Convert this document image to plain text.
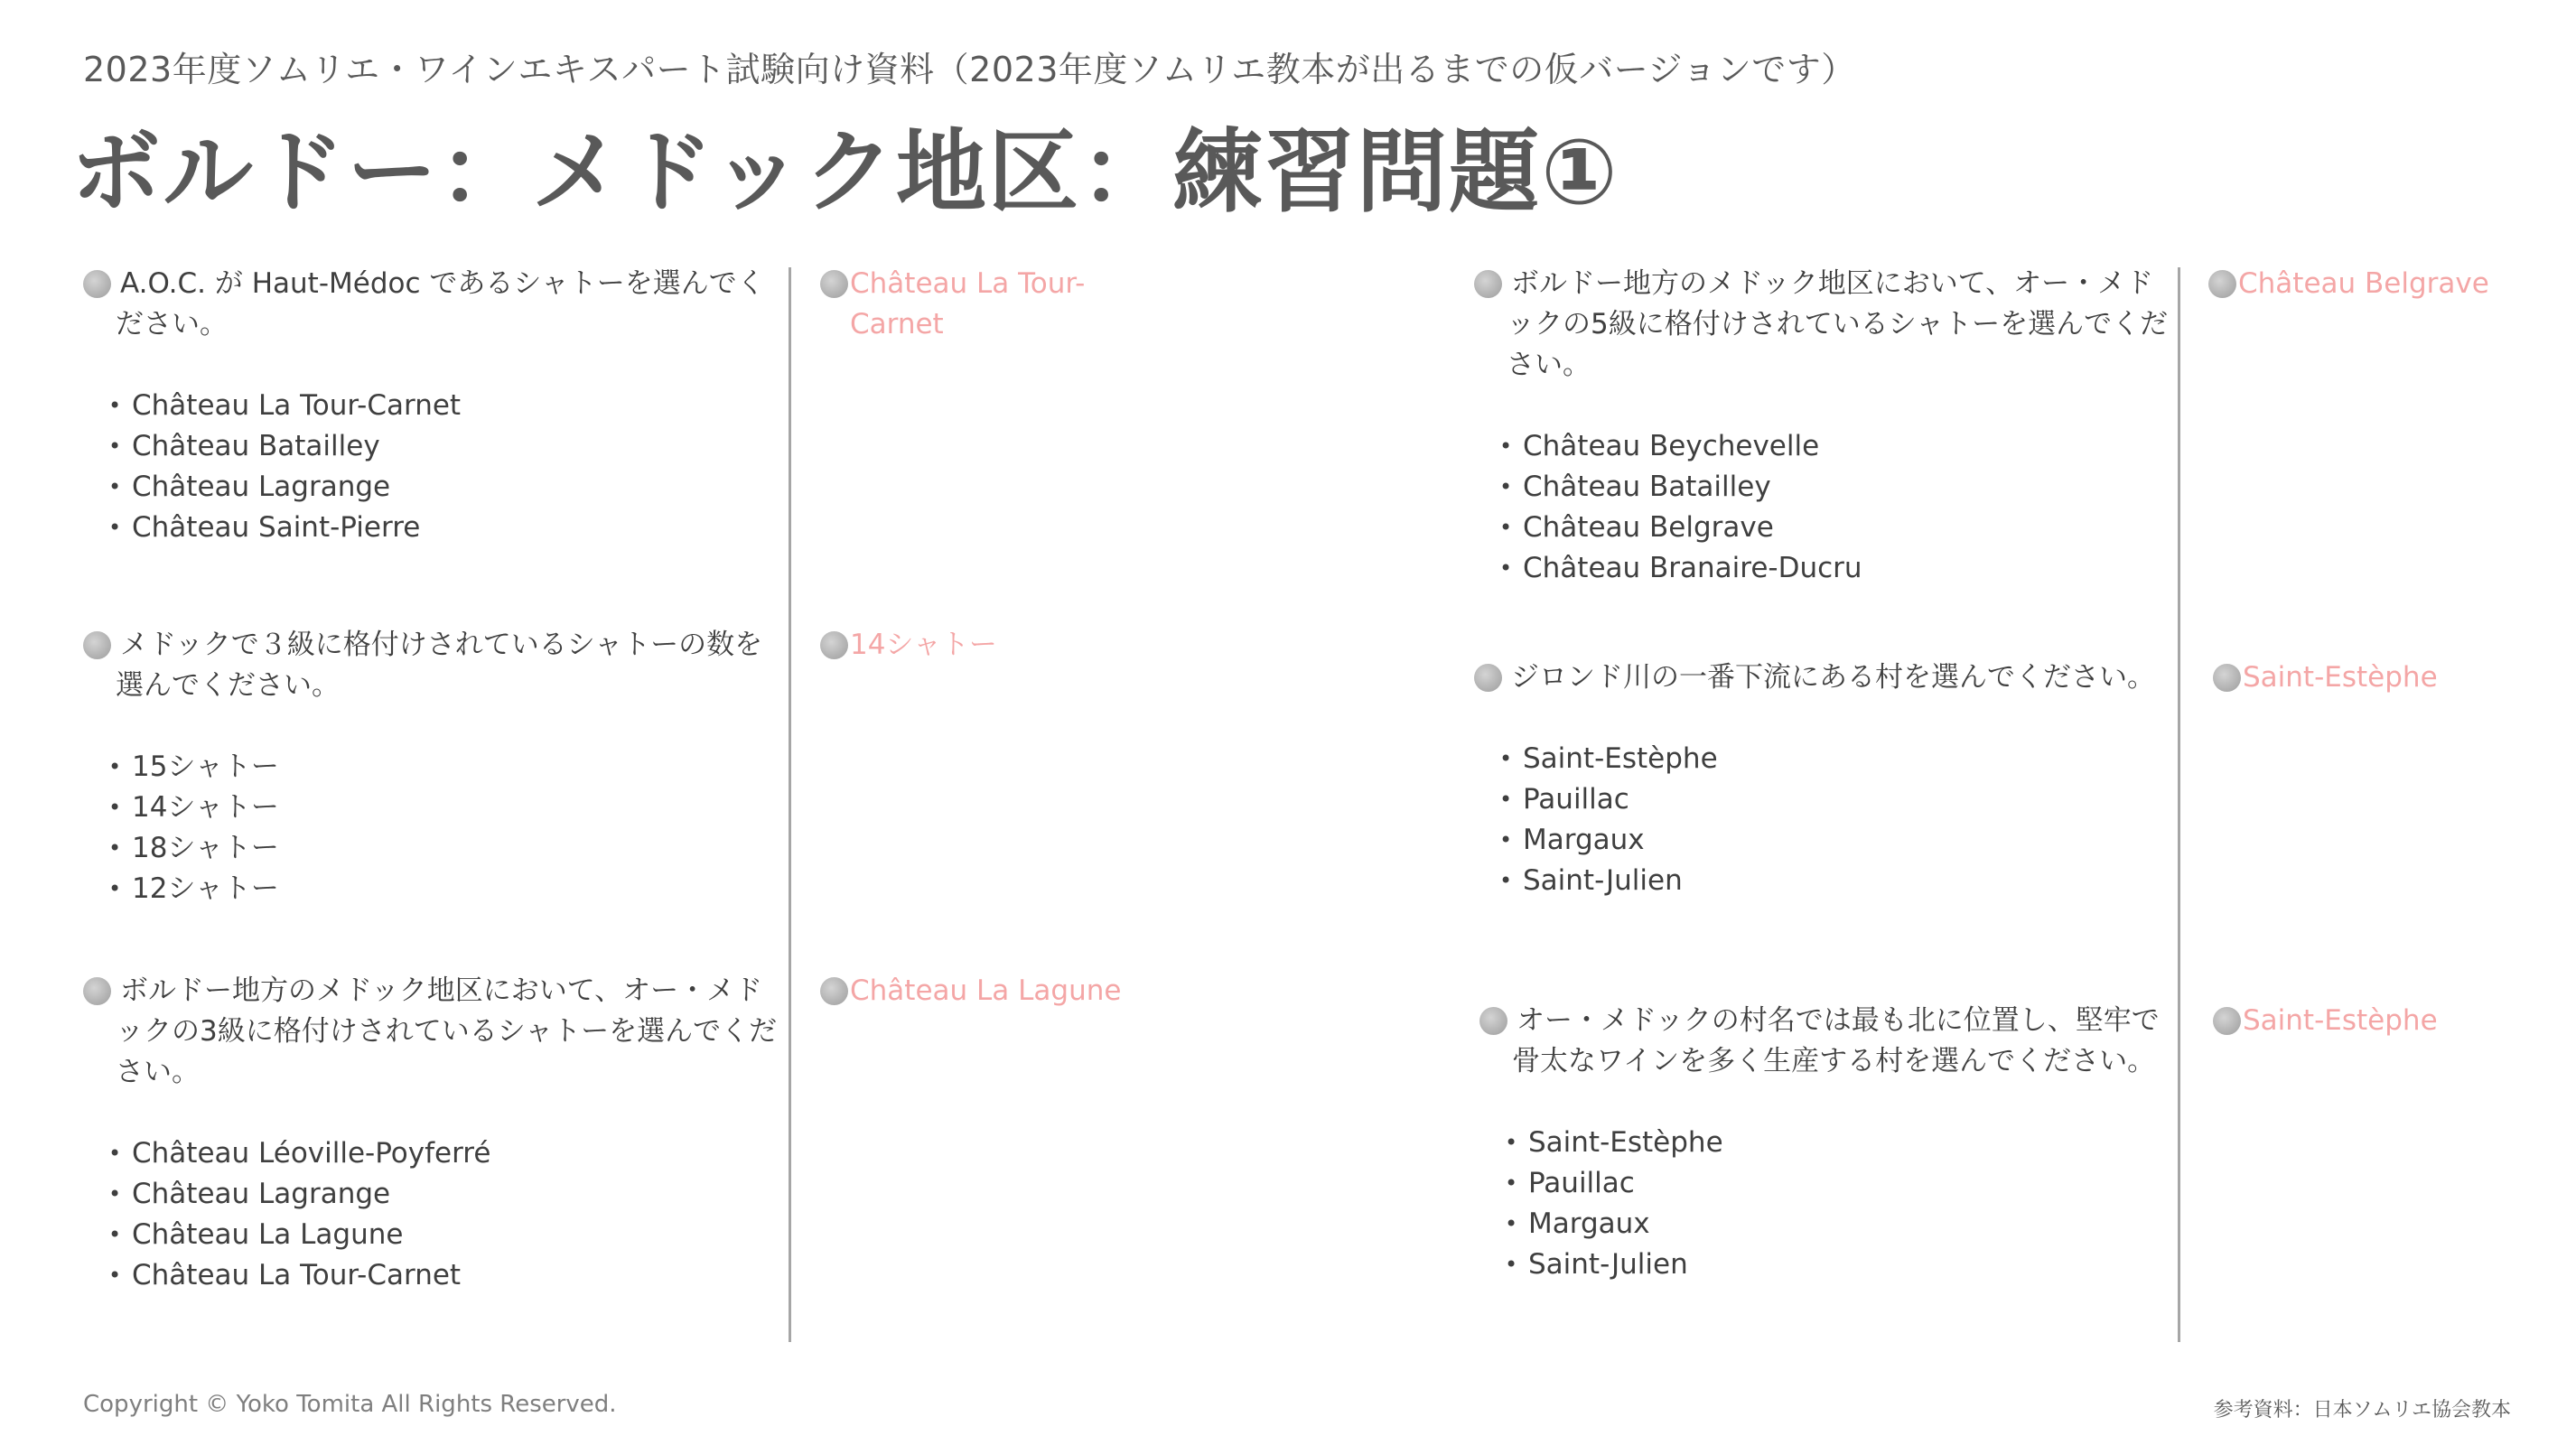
2023年度ソムリエ・ワインエキスパート試験向け資料（2023年度ソムリエ教本が出るまでの仮バージョンです）
ボルドー：メドック地区：練習問題①
A.O.C. が Haut-Médoc であるシャトーを選んでください。
• Château La Tour-Carnet
• Château Batailley
• Château Lagrange
• Château Saint-Pierre
Château La Tour-Carnet
メドックで３級に格付けされているシャトーの数を選んでください。
• 15シャトー
• 14シャトー
• 18シャトー
• 12シャトー
14シャトー
ボルドー地方のメドック地区において、オー・メドックの3級に格付けされているシャトーを選んでください。
• Château Léoville-Poyferré
• Château Lagrange
• Château La Lagune
• Château La Tour-Carnet
Château La Lagune
ボルドー地方のメドック地区において、オー・メドックの5級に格付けされているシャトーを選んでください。
• Château Beychevelle
• Château Batailley
• Château Belgrave
• Château Branaire-Ducru
Château Belgrave
ジロンド川の一番下流にある村を選んでください。
• Saint-Estèphe
• Pauillac
• Margaux
• Saint-Julien
Saint-Estèphe
オー・メドックの村名では最も北に位置し、堅牢で骨太なワインを多く生産する村を選んでください。
• Saint-Estèphe
• Pauillac
• Margaux
• Saint-Julien
Saint-Estèphe
Copyright © Yoko Tomita All Rights Reserved.	参考資料：日本ソムリエ協会教本
